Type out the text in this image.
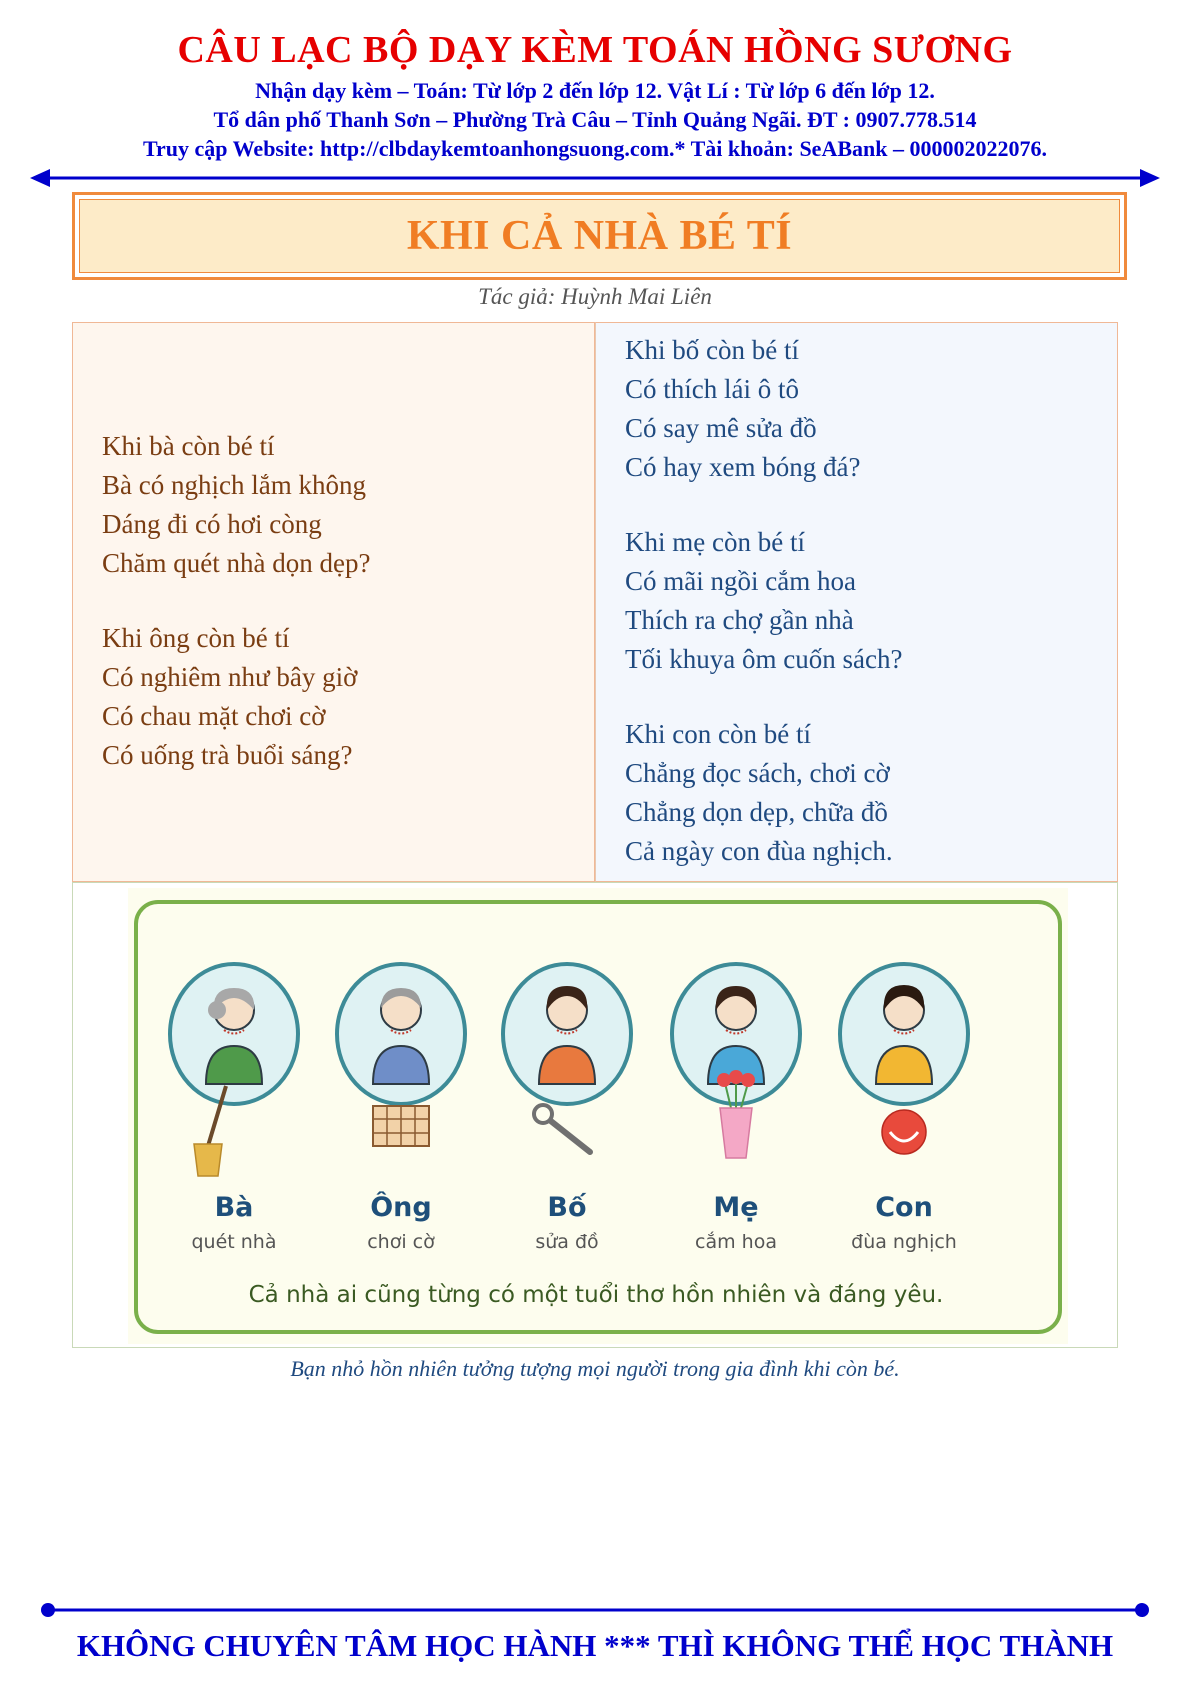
CÂU LẠC BỘ DẠY KÈM TOÁN HỒNG SƯƠNG
Nhận dạy kèm – Toán: Từ lớp 2 đến lớp 12. Vật Lí : Từ lớp 6 đến lớp 12.
Tổ dân phố Thanh Sơn – Phường Trà Câu – Tỉnh Quảng Ngãi. ĐT : 0907.778.514
Truy cập Website: http://clbdaykemtoanhongsuong.com.* Tài khoản: SeABank – 000002022076.
KHI CẢ NHÀ BÉ TÍ
Tác giả: Huỳnh Mai Liên
Khi bà còn bé tí
Bà có nghịch lắm không
Dáng đi có hơi còng
Chăm quét nhà dọn dẹp?
Khi ông còn bé tí
Có nghiêm như bây giờ
Có chau mặt chơi cờ
Có uống trà buổi sáng?
Khi bố còn bé tí
Có thích lái ô tô
Có say mê sửa đồ
Có hay xem bóng đá?
Khi mẹ còn bé tí
Có mãi ngồi cắm hoa
Thích ra chợ gần nhà
Tối khuya ôm cuốn sách?
Khi con còn bé tí
Chẳng đọc sách, chơi cờ
Chẳng dọn dẹp, chữa đồ
Cả ngày con đùa nghịch.
Bà
quét nhà
Ông
chơi cờ
Bố
sửa đồ
Mẹ
cắm hoa
Con
đùa nghịch
Cả nhà ai cũng từng có một tuổi thơ hồn nhiên và đáng yêu.
Bạn nhỏ hồn nhiên tưởng tượng mọi người trong gia đình khi còn bé.
KHÔNG CHUYÊN TÂM HỌC HÀNH *** THÌ KHÔNG THỂ HỌC THÀNH
